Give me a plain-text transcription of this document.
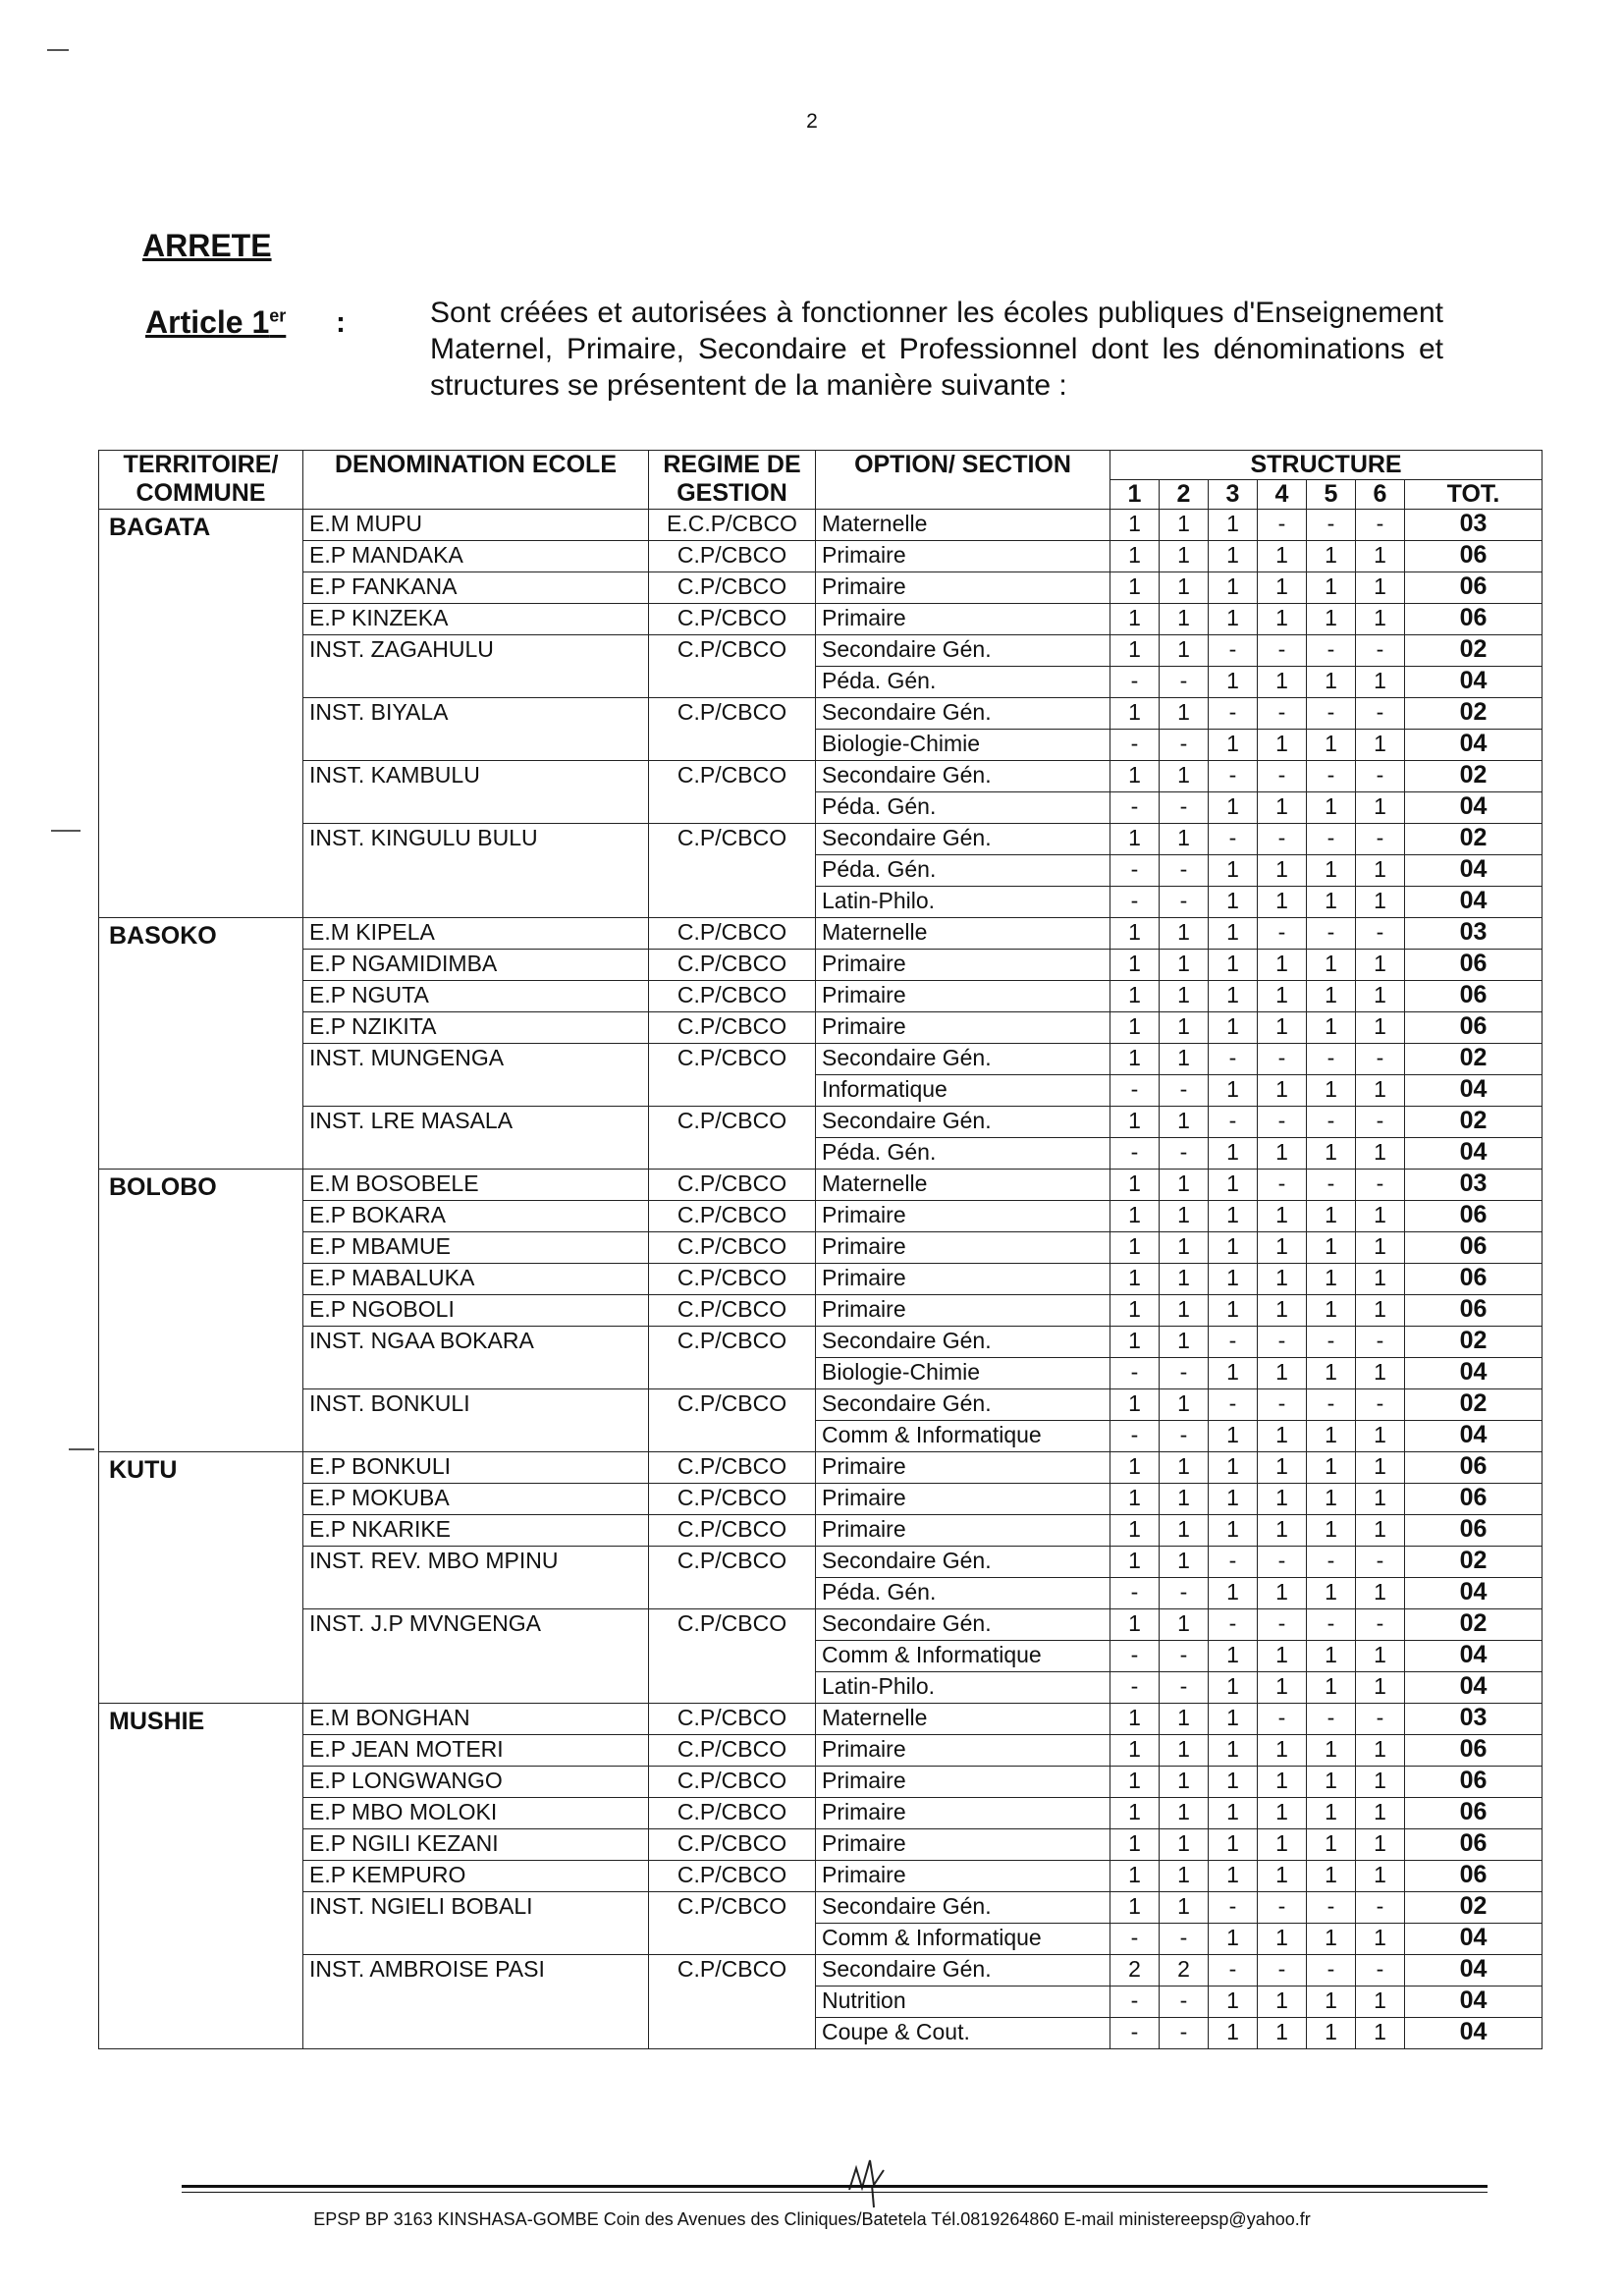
2
ARRETE
Article 1er :	Sont créées et autorisées à fonctionner les écoles publiques d'Enseignement Maternel, Primaire, Secondaire et Professionnel dont les dénominations et structures se présentent de la manière suivante :
TERRITOIRE/ COMMUNE	DENOMINATION ECOLE	REGIME DE GESTION	OPTION/ SECTION	STRUCTURE						
				1	2	3	4	5	6	TOT.
BAGATA	E.M MUPU	E.C.P/CBCO	Maternelle	1	1	1	-	-	-	03
	E.P MANDAKA	C.P/CBCO	Primaire	1	1	1	1	1	1	06
	E.P FANKANA	C.P/CBCO	Primaire	1	1	1	1	1	1	06
	E.P KINZEKA	C.P/CBCO	Primaire	1	1	1	1	1	1	06
	INST. ZAGAHULU	C.P/CBCO	Secondaire Gén.	1	1	-	-	-	-	02
			Péda. Gén.	-	-	1	1	1	1	04
	INST. BIYALA	C.P/CBCO	Secondaire Gén.	1	1	-	-	-	-	02
			Biologie-Chimie	-	-	1	1	1	1	04
	INST. KAMBULU	C.P/CBCO	Secondaire Gén.	1	1	-	-	-	-	02
			Péda. Gén.	-	-	1	1	1	1	04
	INST. KINGULU BULU	C.P/CBCO	Secondaire Gén.	1	1	-	-	-	-	02
			Péda. Gén.	-	-	1	1	1	1	04
			Latin-Philo.	-	-	1	1	1	1	04
BASOKO	E.M KIPELA	C.P/CBCO	Maternelle	1	1	1	-	-	-	03
	E.P NGAMIDIMBA	C.P/CBCO	Primaire	1	1	1	1	1	1	06
	E.P NGUTA	C.P/CBCO	Primaire	1	1	1	1	1	1	06
	E.P NZIKITA	C.P/CBCO	Primaire	1	1	1	1	1	1	06
	INST. MUNGENGA	C.P/CBCO	Secondaire Gén.	1	1	-	-	-	-	02
			Informatique	-	-	1	1	1	1	04
	INST. LRE MASALA	C.P/CBCO	Secondaire Gén.	1	1	-	-	-	-	02
			Péda. Gén.	-	-	1	1	1	1	04
BOLOBO	E.M BOSOBELE	C.P/CBCO	Maternelle	1	1	1	-	-	-	03
	E.P BOKARA	C.P/CBCO	Primaire	1	1	1	1	1	1	06
	E.P MBAMUE	C.P/CBCO	Primaire	1	1	1	1	1	1	06
	E.P MABALUKA	C.P/CBCO	Primaire	1	1	1	1	1	1	06
	E.P NGOBOLI	C.P/CBCO	Primaire	1	1	1	1	1	1	06
	INST. NGAA BOKARA	C.P/CBCO	Secondaire Gén.	1	1	-	-	-	-	02
			Biologie-Chimie	-	-	1	1	1	1	04
	INST. BONKULI	C.P/CBCO	Secondaire Gén.	1	1	-	-	-	-	02
			Comm & Informatique	-	-	1	1	1	1	04
KUTU	E.P BONKULI	C.P/CBCO	Primaire	1	1	1	1	1	1	06
	E.P MOKUBA	C.P/CBCO	Primaire	1	1	1	1	1	1	06
	E.P NKARIKE	C.P/CBCO	Primaire	1	1	1	1	1	1	06
	INST. REV. MBO MPINU	C.P/CBCO	Secondaire Gén.	1	1	-	-	-	-	02
			Péda. Gén.	-	-	1	1	1	1	04
	INST. J.P MVNGENGA	C.P/CBCO	Secondaire Gén.	1	1	-	-	-	-	02
			Comm & Informatique	-	-	1	1	1	1	04
			Latin-Philo.	-	-	1	1	1	1	04
MUSHIE	E.M BONGHAN	C.P/CBCO	Maternelle	1	1	1	-	-	-	03
	E.P JEAN MOTERI	C.P/CBCO	Primaire	1	1	1	1	1	1	06
	E.P LONGWANGO	C.P/CBCO	Primaire	1	1	1	1	1	1	06
	E.P MBO MOLOKI	C.P/CBCO	Primaire	1	1	1	1	1	1	06
	E.P NGILI KEZANI	C.P/CBCO	Primaire	1	1	1	1	1	1	06
	E.P KEMPURO	C.P/CBCO	Primaire	1	1	1	1	1	1	06
	INST. NGIELI BOBALI	C.P/CBCO	Secondaire Gén.	1	1	-	-	-	-	02
			Comm & Informatique	-	-	1	1	1	1	04
	INST. AMBROISE PASI	C.P/CBCO	Secondaire Gén.	2	2	-	-	-	-	04
			Nutrition	-	-	1	1	1	1	04
			Coupe & Cout.	-	-	1	1	1	1	04
EPSP BP 3163 KINSHASA-GOMBE Coin des Avenues des Cliniques/Batetela Tél.0819264860 E-mail ministereepsp@yahoo.fr
